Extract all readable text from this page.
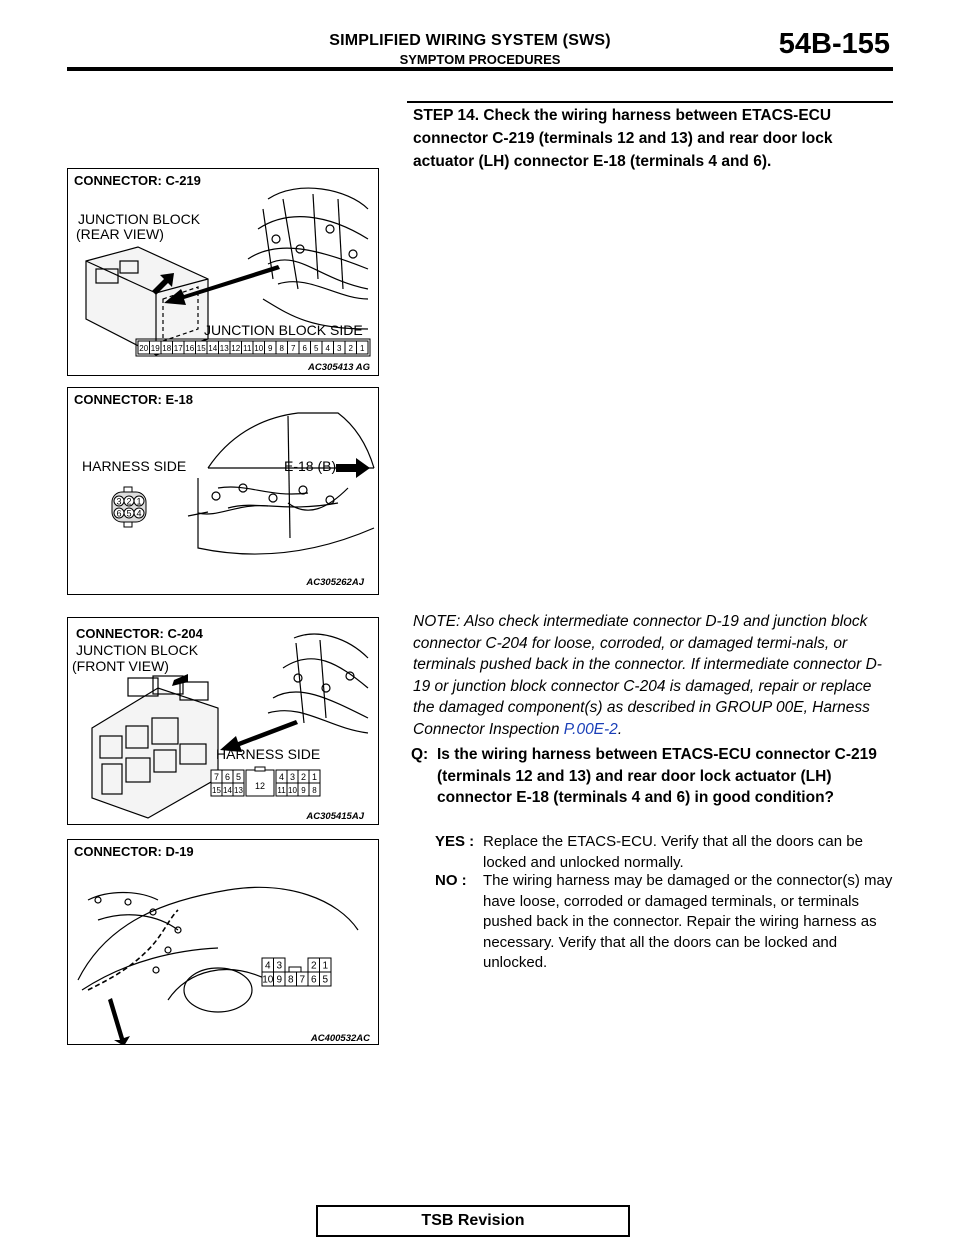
SIMPLIFIED WIRING SYSTEM (SWS)
SYMPTOM PROCEDURES	54B-155
STEP 14. Check the wiring harness between ETACS-ECU connector C-219 (terminals 12 and 13) and rear door lock actuator (LH) connector E-18 (terminals 4 and 6).
20 19 18 17 16 15 14 13 12 11 10 9 8 7 6 5 4 3 2 1
CONNECTOR: C-219
JUNCTION BLOCK
(REAR VIEW)
JUNCTION BLOCK SIDE
AC305413 AG
3 2 1
6 5 4
CONNECTOR: E-18
HARNESS SIDE	E-18 (B)
AC305262AJ
7 6 5
15 14 13 12
4 3 2 1
11 10 9 8
CONNECTOR: C-204
JUNCTION BLOCK
(FRONT VIEW)
HARNESS SIDE
AC305415AJ
4 3	2 1
10 9 8 7 6 5
CONNECTOR: D-19
AC400532AC
NOTE: Also check intermediate connector D-19 and junction block connector C-204 for loose, corroded, or damaged termi-nals, or terminals pushed back in the connector. If intermediate connector D-19 or junction block connector C-204 is damaged, repair or replace the damaged component(s) as described in GROUP 00E, Harness Connector Inspection P.00E-2.
Q: Is the wiring harness between ETACS-ECU connector C-219 (terminals 12 and 13) and rear door lock actuator (LH) connector E-18 (terminals 4 and 6) in good condition?
YES : Replace the ETACS-ECU. Verify that all the doors can be locked and unlocked normally.
NO : The wiring harness may be damaged or the connector(s) may have loose, corroded or damaged terminals, or terminals pushed back in the connector. Repair the wiring harness as necessary. Verify that all the doors can be locked and unlocked.
TSB Revision
